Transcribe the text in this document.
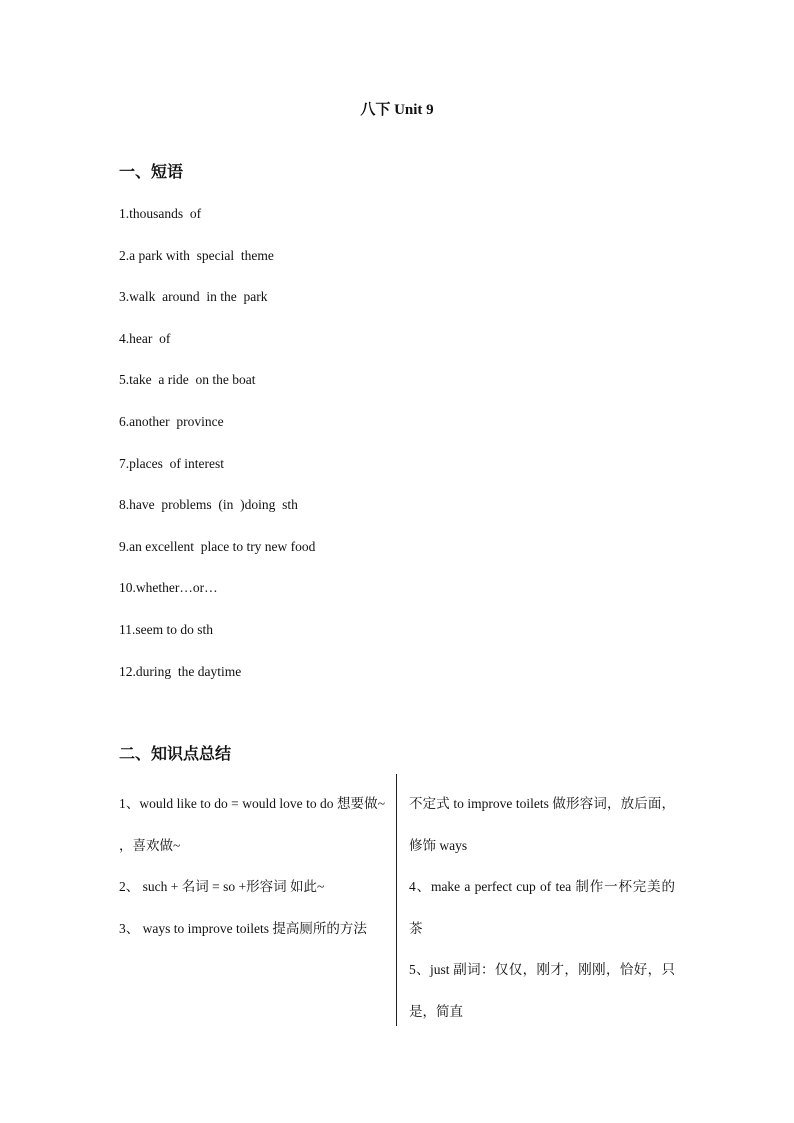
八下 Unit 9
一、短语
1.thousands  of
2.a park with  special  theme
3.walk  around  in the  park
4.hear  of
5.take  a ride  on the boat
6.another  province
7.places  of interest
8.have  problems  (in  )doing  sth
9.an excellent  place to try new food
10.whether…or…
11.seem to do sth
12.during  the daytime
二、知识点总结

1、would like to do = would love to do 想要做~ ，喜欢做~

2、 such + 名词 = so +形容词 如此~

3、 ways to improve toilets 提高厕所的方法

不定式 to improve toilets 做形容词，放后面，修饰 ways

4、make a perfect cup of tea 制作一杯完美的茶

5、just 副词：仅仅，刚才，刚刚，恰好，只是，简直
